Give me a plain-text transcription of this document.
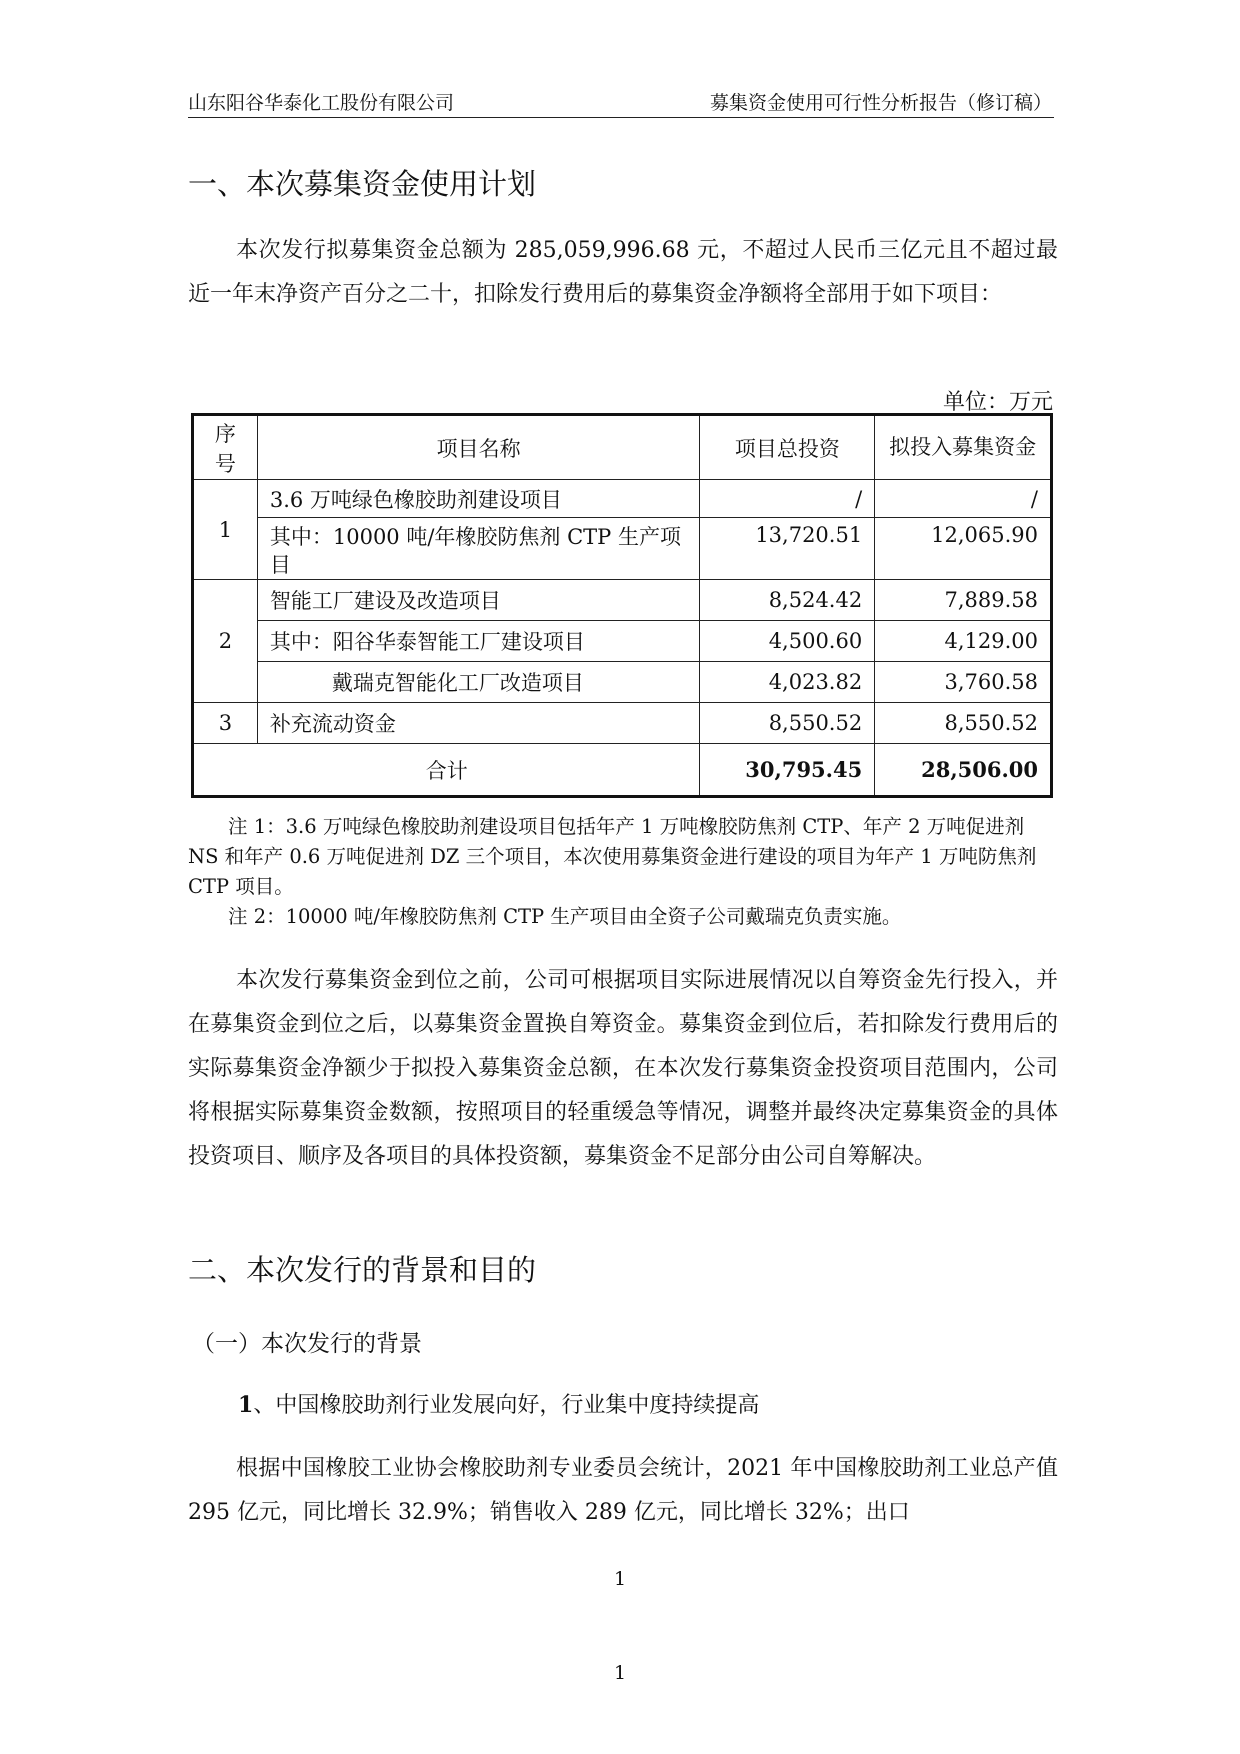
山东阳谷华泰化工股份有限公司	募集资金使用可行性分析报告（修订稿）
一、本次募集资金使用计划

本次发行拟募集资金总额为 285,059,996.68 元，不超过人民币三亿元且不超过最近一年末净资产百分之二十，扣除发行费用后的募集资金净额将全部用于如下项目：

单位：万元
序号	项目名称	项目总投资	拟投入募集资金
1	3.6 万吨绿色橡胶助剂建设项目	/	/
	其中：10000 吨/年橡胶防焦剂 CTP 生产项目	13,720.51	12,065.90
2	智能工厂建设及改造项目	8,524.42	7,889.58
	其中：阳谷华泰智能工厂建设项目	4,500.60	4,129.00
	戴瑞克智能化工厂改造项目	4,023.82	3,760.58
3	补充流动资金	8,550.52	8,550.52
合计		30,795.45	28,506.00

注 1：3.6 万吨绿色橡胶助剂建设项目包括年产 1 万吨橡胶防焦剂 CTP、年产 2 万吨促进剂 NS 和年产 0.6 万吨促进剂 DZ 三个项目，本次使用募集资金进行建设的项目为年产 1 万吨防焦剂 CTP 项目。

注 2：10000 吨/年橡胶防焦剂 CTP 生产项目由全资子公司戴瑞克负责实施。

本次发行募集资金到位之前，公司可根据项目实际进展情况以自筹资金先行投入，并在募集资金到位之后，以募集资金置换自筹资金。募集资金到位后，若扣除发行费用后的实际募集资金净额少于拟投入募集资金总额，在本次发行募集资金投资项目范围内，公司将根据实际募集资金数额，按照项目的轻重缓急等情况，调整并最终决定募集资金的具体投资项目、顺序及各项目的具体投资额，募集资金不足部分由公司自筹解决。

二、本次发行的背景和目的
（一）本次发行的背景
1、中国橡胶助剂行业发展向好，行业集中度持续提高

根据中国橡胶工业协会橡胶助剂专业委员会统计，2021 年中国橡胶助剂工业总产值 295 亿元，同比增长 32.9%；销售收入 289 亿元，同比增长 32%；出口

1
1
